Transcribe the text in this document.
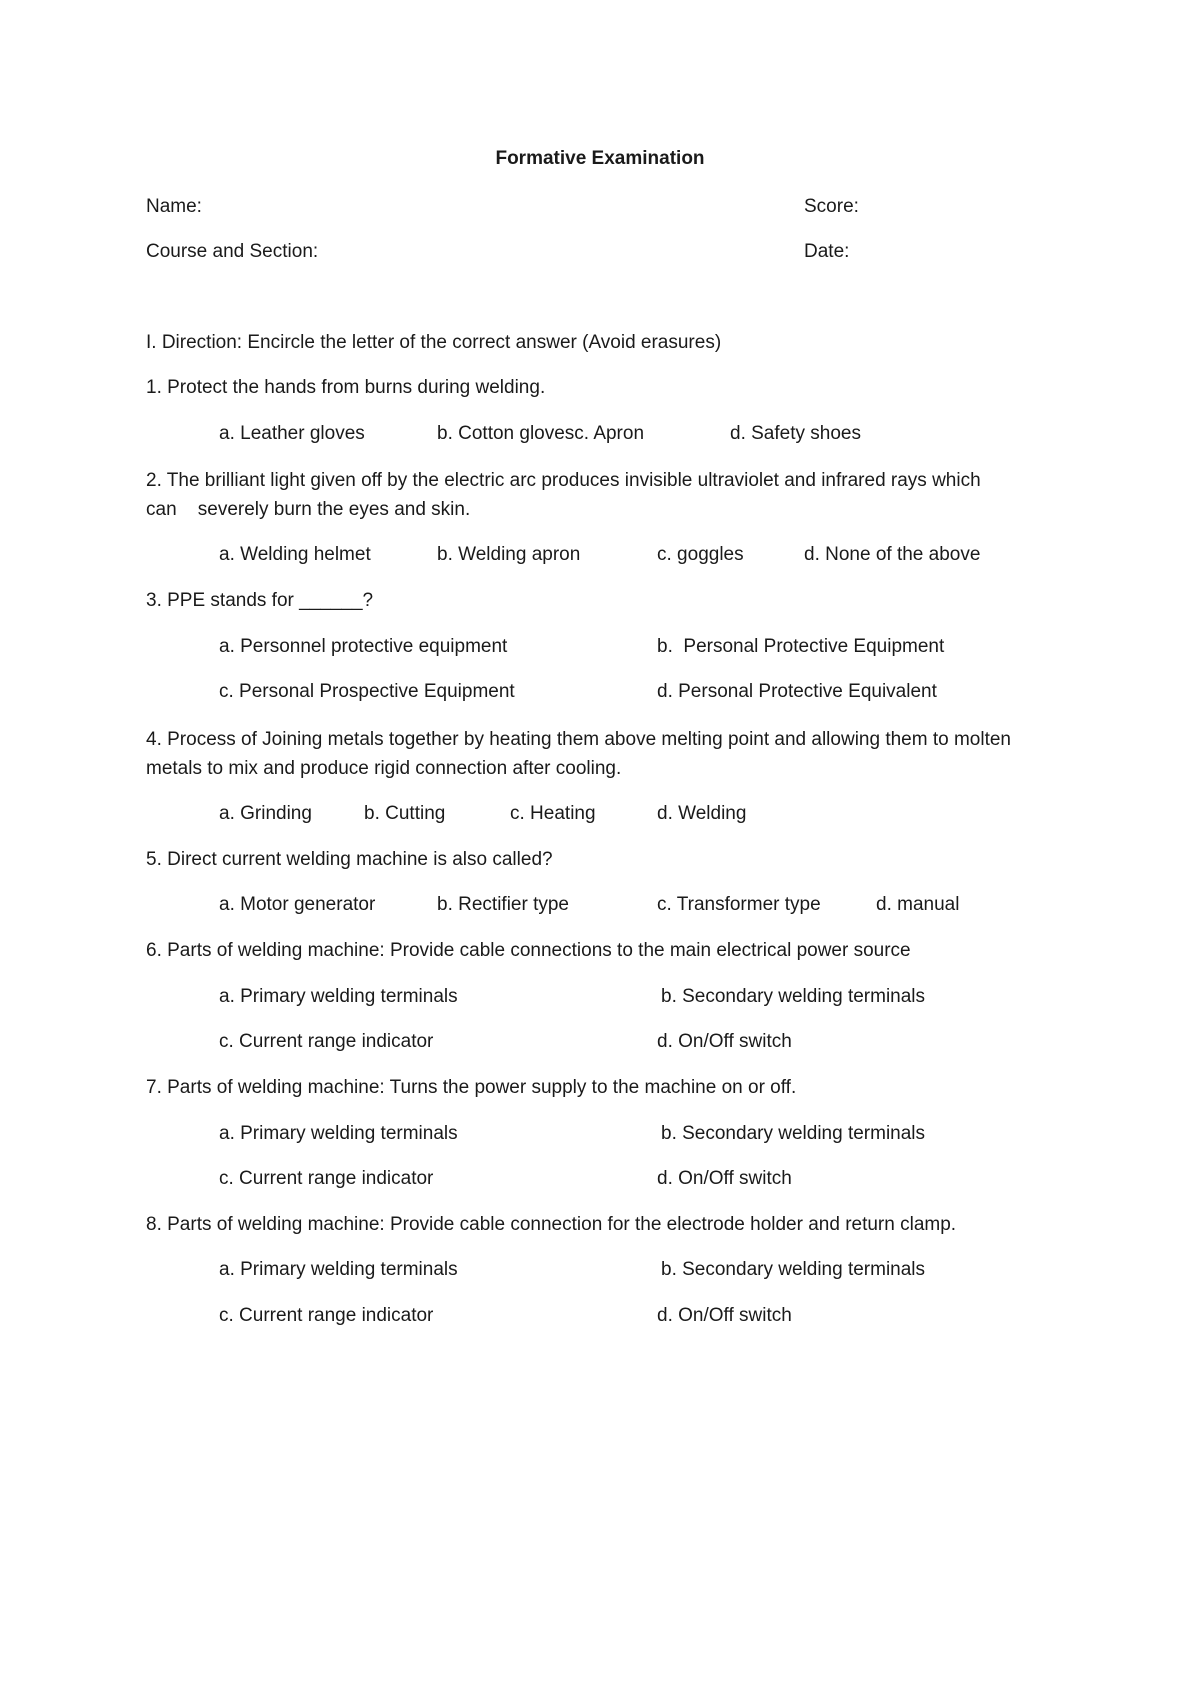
Formative Examination
Name:	Score:
Course and Section:	Date:
I. Direction: Encircle the letter of the correct answer (Avoid erasures)
1. Protect the hands from burns during welding.
a. Leather gloves	b. Cotton glovesc. Apron	d. Safety shoes
2. The brilliant light given off by the electric arc produces invisible ultraviolet and infrared rays which can    severely burn the eyes and skin.
a. Welding helmet	b. Welding apron	c. goggles	d. None of the above
3. PPE stands for ______?
a. Personnel protective equipment	b.  Personal Protective Equipment
c. Personal Prospective Equipment	d. Personal Protective Equivalent
4. Process of Joining metals together by heating them above melting point and allowing them to molten metals to mix and produce rigid connection after cooling.
a. Grinding	b. Cutting	c. Heating	d. Welding
5. Direct current welding machine is also called?
a. Motor generator	b. Rectifier type	c. Transformer type	d. manual
6. Parts of welding machine: Provide cable connections to the main electrical power source
a. Primary welding terminals	b. Secondary welding terminals
c. Current range indicator	d. On/Off switch
7. Parts of welding machine: Turns the power supply to the machine on or off.
a. Primary welding terminals	b. Secondary welding terminals
c. Current range indicator	d. On/Off switch
8. Parts of welding machine: Provide cable connection for the electrode holder and return clamp.
a. Primary welding terminals	b. Secondary welding terminals
c. Current range indicator	d. On/Off switch
